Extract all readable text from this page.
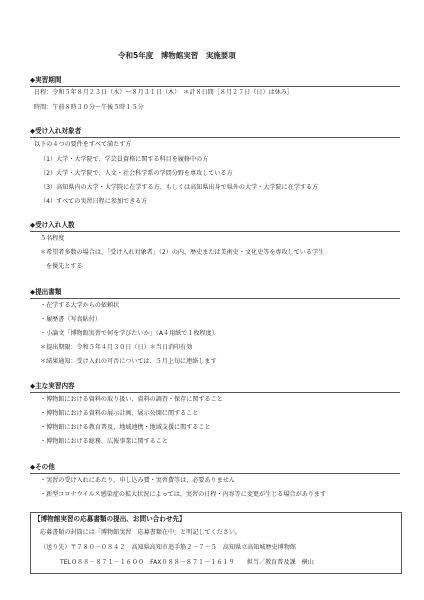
令和5年度　博物館実習　実施要項
◆実習期間
日程：令和５年８月２３日（水）～８月３１日（木）　＊計８日間［８月２７日（日）は休み］
時間：午前８時３０分～午後５時１５分
◆受け入れ対象者
以下の４つの要件をすべて満たす方
（1）大学・大学院で、学芸員資格に関する科目を履修中の方
（2）大学・大学院で、人文・社会科学系の学問分野を専攻している方
（3）高知県内の大学・大学院に在学する方、もしくは高知県出身で県外の大学・大学院に在学する方
（4）すべての実習日程に参加できる方
◆受け入れ人数
５名程度
＊希望者多数の場合は、「受け入れ対象者」（2）の内、歴史または美術史・文化史等を専攻している学生
を優先とする
◆提出書類
・在学する大学からの依頼状
・履歴書（写真貼付）
・小論文「博物館実習で何を学びたいか」（A４用紙で１枚程度）
＊提出期限：令和５年４月３０日（日）＊当日消印有効
＊結果通知：受け入れの可否については、５月上旬に連絡します
◆主な実習内容
・博物館における資料の取り扱い、資料の調査・保存に関すること
・博物館における資料の展示計画、展示公開に関すること
・博物館における教育普及、地域連携・地域支援に関すること
・博物館における総務、広報事業に関すること
◆その他
・実習の受け入れにあたり、申し込み費・実習費等は、必要ありません
・新型コロナウイルス感染症の拡大状況によっては、実習の日程・内容等に変更が生じる場合があります
【博物館実習の応募書類の提出、お問い合わせ先】
応募書類の封筒には「博物館実習　応募書類在中」と明記してください。
（送り先）〒７８０－０８４２　高知県高知市追手筋２－７－５　高知県立高知城歴史博物館
TEL０８８－８７１－１６００　FAX０８８－８７１－１６１９　　担当／教育普及課　横山
